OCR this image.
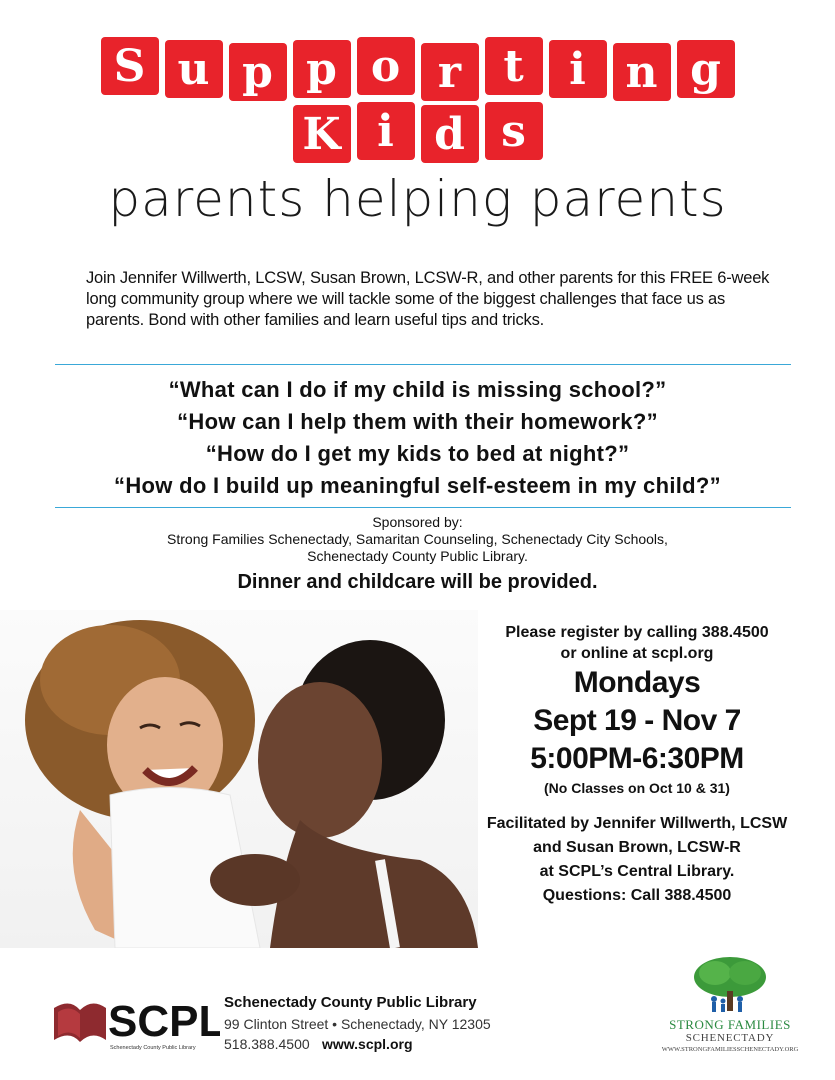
S u p p o r t	i n g
K i d s
parents helping parents
Join Jennifer Willwerth, LCSW, Susan Brown, LCSW-R, and other parents for this FREE 6-week long community group where we will tackle some of the biggest challenges that face us as parents. Bond with other families and learn useful tips and tricks.
“What can I do if my child is missing school?”
“How can I help them with their homework?”
“How do I get my kids to bed at night?”
“How do I build up meaningful self-esteem in my child?”
Sponsored by:
Strong Families Schenectady, Samaritan Counseling, Schenectady City Schools,
Schenectady County Public Library.
Dinner and childcare will be provided.
Please register by calling 388.4500
or online at scpl.org
Mondays
Sept 19 - Nov 7
5:00PM-6:30PM
(No Classes on Oct 10 & 31)
Facilitated by Jennifer Willwerth, LCSW
and Susan Brown, LCSW-R
at SCPL’s Central Library.
Questions: Call 388.4500
SCPL
Schenectady County Public Library
Schenectady County Public Library
99 Clinton Street • Schenectady, NY 12305
518.388.4500 www.scpl.org
STRONG FAMILIES
SCHENECTADY
WWW.STRONGFAMILIESSCHENECTADY.ORG
